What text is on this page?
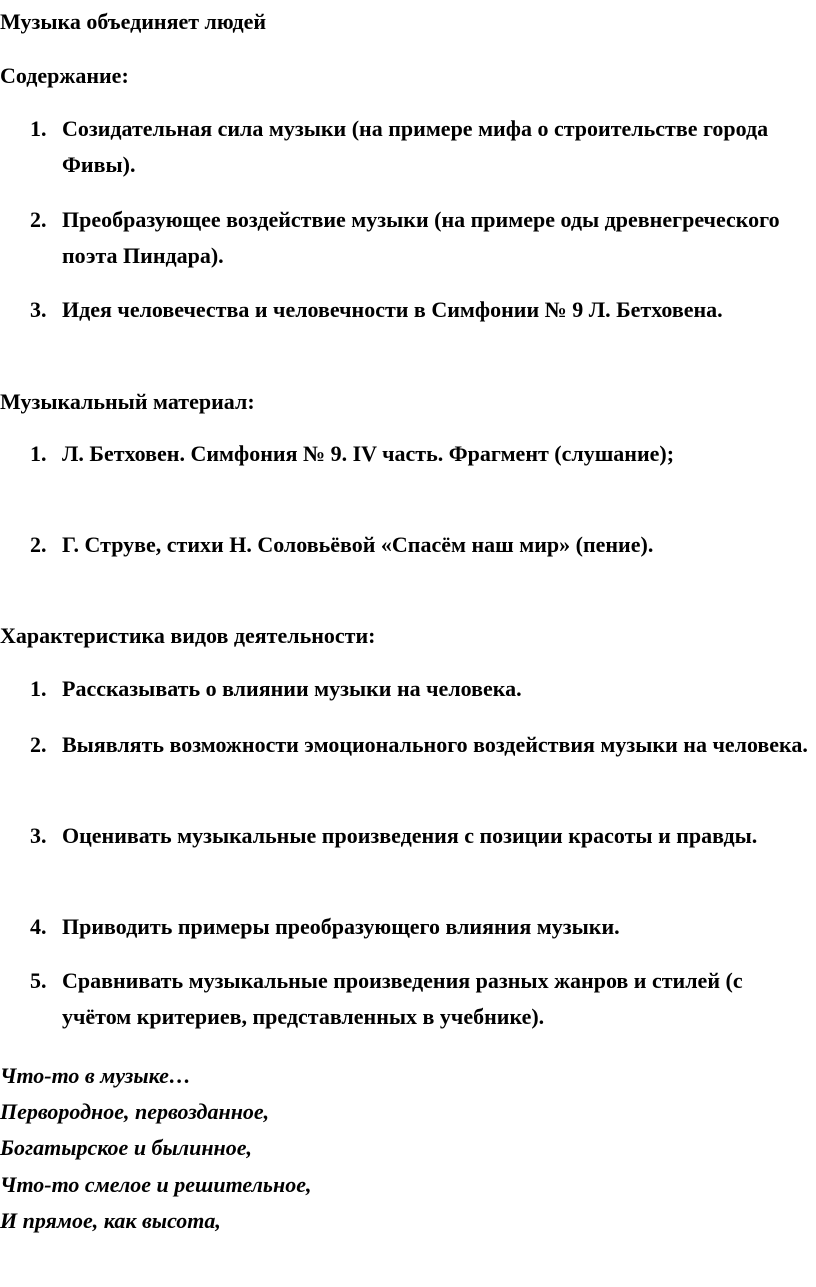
Музыка объединяет людей
Содержание:
1. Созидательная сила музыки (на примере мифа о строительстве города Фивы).
2. Преобразующее воздействие музыки (на примере оды древнегреческого поэта Пиндара).
3. Идея человечества и человечности в Симфонии № 9 Л. Бетховена.
Музыкальный материал:
1. Л. Бетховен. Симфония № 9. IV часть. Фрагмент (слушание);
2. Г. Струве, стихи Н. Соловьёвой «Спасём наш мир» (пение).
Характеристика видов деятельности:
1. Рассказывать о влиянии музыки на человека.
2. Выявлять возможности эмоционального воздействия музыки на человека.
3. Оценивать музыкальные произведения с позиции красоты и правды.
4. Приводить примеры преобразующего влияния музыки.
5. Сравнивать музыкальные произведения разных жанров и стилей (с учётом критериев, представленных в учебнике).
Что-то в музыке…
Первородное, первозданное,
Богатырское и былинное,
Что-то смелое и решительное,
И прямое, как высота,
